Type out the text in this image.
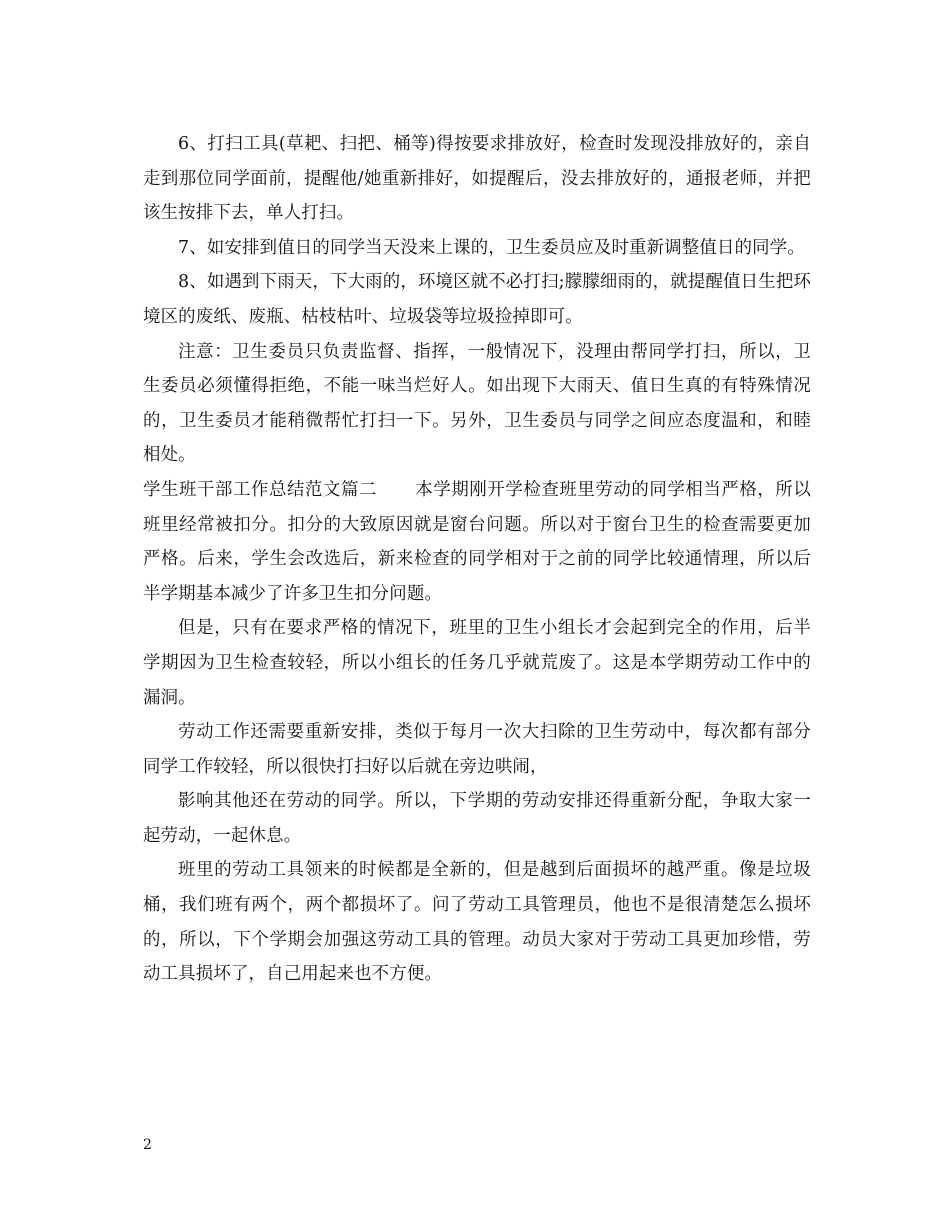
6、打扫工具(草耙、扫把、桶等)得按要求排放好，检查时发现没排放好的，亲自走到那位同学面前，提醒他/她重新排好，如提醒后，没去排放好的，通报老师，并把该生按排下去，单人打扫。

7、如安排到值日的同学当天没来上课的，卫生委员应及时重新调整值日的同学。

8、如遇到下雨天，下大雨的，环境区就不必打扫;朦朦细雨的，就提醒值日生把环境区的废纸、废瓶、枯枝枯叶、垃圾袋等垃圾捡掉即可。

注意：卫生委员只负责监督、指挥，一般情况下，没理由帮同学打扫，所以，卫生委员必须懂得拒绝，不能一味当烂好人。如出现下大雨天、值日生真的有特殊情况的，卫生委员才能稍微帮忙打扫一下。另外，卫生委员与同学之间应态度温和，和睦相处。

学生班干部工作总结范文篇二 本学期刚开学检查班里劳动的同学相当严格，所以班里经常被扣分。扣分的大致原因就是窗台问题。所以对于窗台卫生的检查需要更加严格。后来，学生会改选后，新来检查的同学相对于之前的同学比较通情理，所以后半学期基本减少了许多卫生扣分问题。

但是，只有在要求严格的情况下，班里的卫生小组长才会起到完全的作用，后半学期因为卫生检查较轻，所以小组长的任务几乎就荒废了。这是本学期劳动工作中的漏洞。

劳动工作还需要重新安排，类似于每月一次大扫除的卫生劳动中，每次都有部分同学工作较轻，所以很快打扫好以后就在旁边哄闹，

影响其他还在劳动的同学。所以，下学期的劳动安排还得重新分配，争取大家一起劳动，一起休息。

班里的劳动工具领来的时候都是全新的，但是越到后面损坏的越严重。像是垃圾桶，我们班有两个，两个都损坏了。问了劳动工具管理员，他也不是很清楚怎么损坏的，所以，下个学期会加强这劳动工具的管理。动员大家对于劳动工具更加珍惜，劳动工具损坏了，自己用起来也不方便。

2
